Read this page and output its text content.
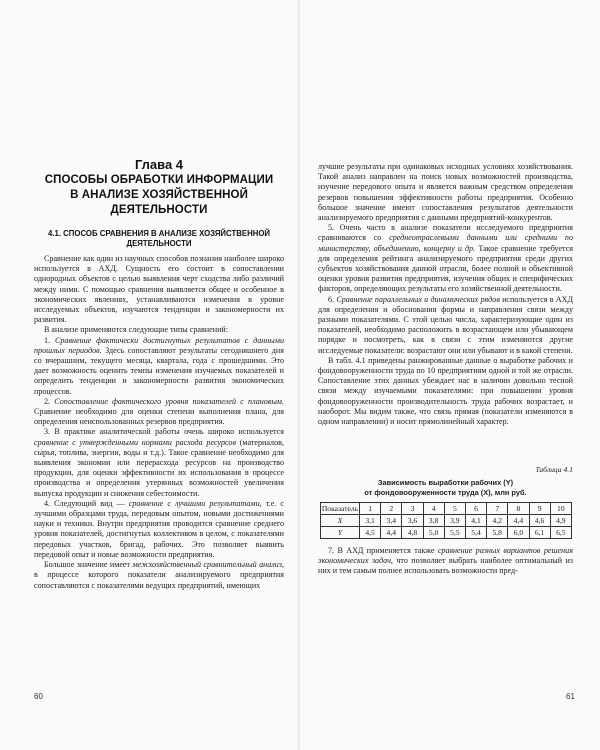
Глава 4
СПОСОБЫ ОБРАБОТКИ ИНФОРМАЦИИ
В АНАЛИЗЕ ХОЗЯЙСТВЕННОЙ ДЕЯТЕЛЬНОСТИ
4.1. СПОСОБ СРАВНЕНИЯ В АНАЛИЗЕ ХОЗЯЙСТВЕННОЙ
ДЕЯТЕЛЬНОСТИ

Сравнение как один из научных способов познания наиболее широко используется в АХД. Сущность его состоит в сопоставлении однородных объектов с целью выявления черт сходства либо различий между ними. С помощью сравнения выявляется общее и особенное в экономических явлениях, устанавливаются изменения в уровне исследуемых объектов, изучаются тенденции и закономерности их развития.

В анализе применяются следующие типы сравнений:

1. Сравнение фактически достигнутых результатов с данными прошлых периодов. Здесь сопоставляют результаты сегодняшнего дня со вчерашним, текущего месяца, квартала, года с прошедшими. Это дает возможность оценить темпы изменения изучаемых показателей и определить тенденции и закономерности развития экономических процессов.

2. Сопоставление фактического уровня показателей с плановым. Сравнение необходимо для оценки степени выполнения плана, для определения неиспользованных резервов предприятия.

3. В практике аналитической работы очень широко используется сравнение с утвержденными нормами расхода ресурсов (материалов, сырья, топлива, энергии, воды и т.д.). Такое сравнение необходимо для выявления экономии или перерасхода ресурсов на производство продукции, для оценки эффективности их использования в процессе производства и определения утерянных возможностей увеличения выпуска продукции и снижения себестоимости.

4. Следующий вид — сравнение с лучшими результатами, т.е. с лучшими образцами труда, передовым опытом, новыми достижениями науки и техники. Внутри предприятия проводится сравнение среднего уровня показателей, достигнутых коллективом в целом, с показателями передовых участков, бригад, рабочих. Это позволяет выявить передовой опыт и новые возможности предприятия.

Большое значение имеет межхозяйственный сравнительный анализ, в процессе которого показатели анализируемого предприятия сопоставляются с показателями ведущих предприятий, имеющих

60

лучшие результаты при одинаковых исходных условиях хозяйствования. Такой анализ направлен на поиск новых возможностей производства, изучение передового опыта и является важным средством определения резервов повышения эффективности работы предприятия. Особенно большое значение имеют сопоставления результатов деятельности анализируемого предприятия с данными предприятий-конкурентов.

5. Очень часто в анализе показатели исследуемого предприятия сравниваются со среднеотраслевыми данными или средними по министерству, объединению, концерну и др. Такое сравнение требуется для определения рейтинга анализируемого предприятия среди других субъектов хозяйствования данной отрасли, более полной и объективной оценки уровня развития предприятия, изучения общих и специфических факторов, определяющих результаты его хозяйственной деятельности.

6. Сравнение параллельных и динамических рядов используется в АХД для определения и обоснования формы и направления связи между разными показателями. С этой целью числа, характеризующие один из показателей, необходимо расположить в возрастающем или убывающем порядке и посмотреть, как в связи с этим изменяются другие исследуемые показатели: возрастают они или убывают и в какой степени.

В табл. 4.1 приведены ранжированные данные о выработке рабочих и фондовооруженности труда по 10 предприятиям одной и той же отрасли. Сопоставление этих данных убеждает нас в наличии довольно тесной связи между изучаемыми показателями: при повышении уровня фондовооруженности производительность труда рабочих возрастает, и наоборот. Мы видим также, что связь прямая (показатели изменяются в одном направлении) и носит прямолинейный характер.

Таблица 4.1
Зависимость выработки рабочих (Y)
от фондовооруженности труда (X), млн руб.
Показатель	1	2	3	4	5	6	7	8	9	10
X	3,1	3,4	3,6	3,8	3,9	4,1	4,2	4,4	4,6	4,9
Y	4,5	4,4	4,8	5,0	5,5	5,4	5,8	6,0	6,1	6,5

7. В АХД применяется также сравнение разных вариантов решения экономических задач, что позволяет выбрать наиболее оптимальный из них и тем самым полнее использовать возможности пред-

61
